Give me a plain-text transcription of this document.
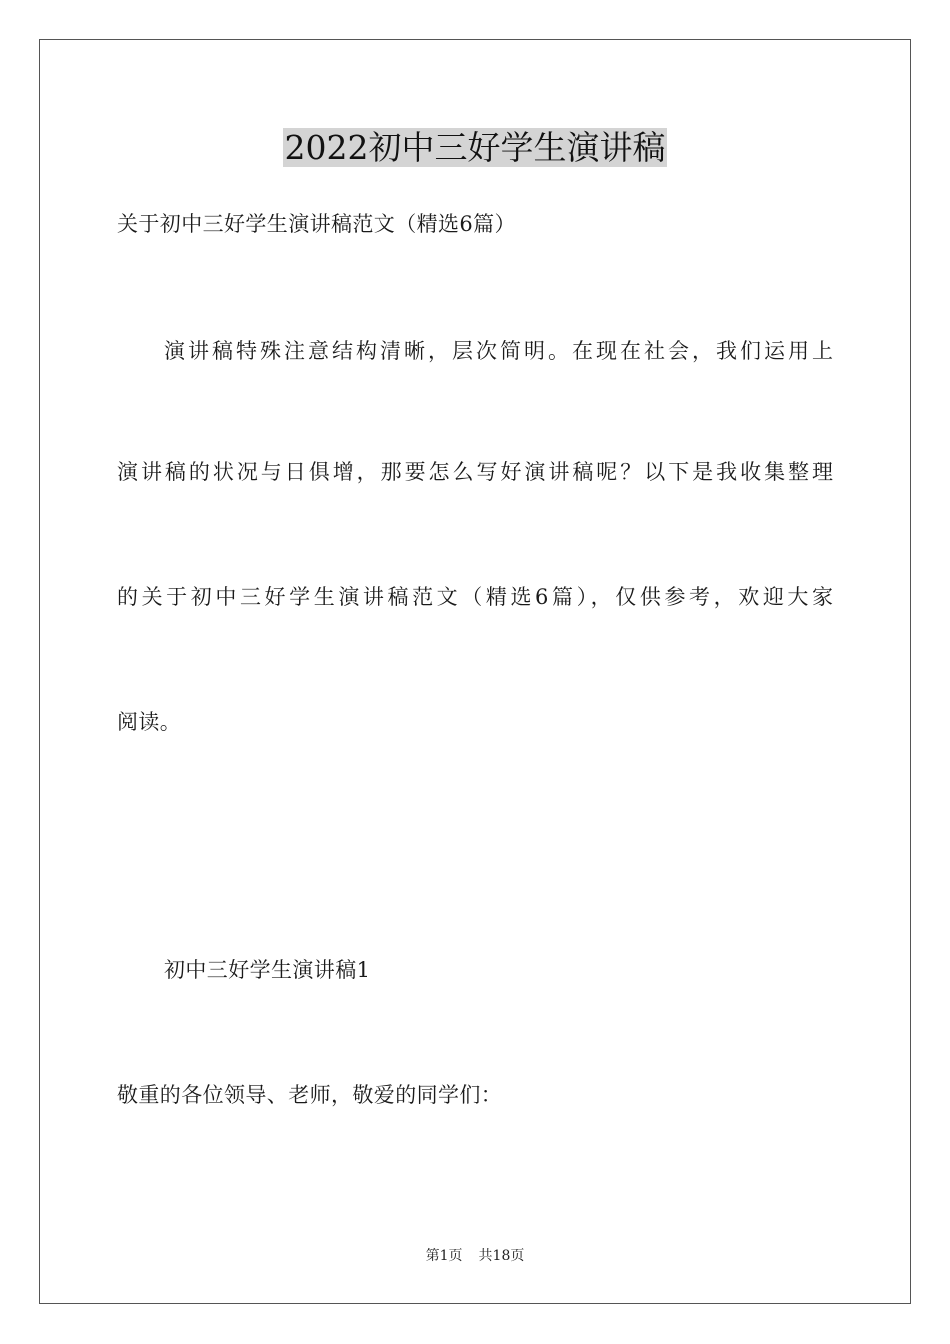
2022初中三好学生演讲稿
关于初中三好学生演讲稿范文（精选6篇）
演讲稿特殊注意结构清晰，层次简明。在现在社会，我们运用上
演讲稿的状况与日俱增，那要怎么写好演讲稿呢？以下是我收集整理
的关于初中三好学生演讲稿范文（精选6篇），仅供参考，欢迎大家
阅读。
初中三好学生演讲稿1
敬重的各位领导、老师，敬爱的同学们：
第1页 共18页
